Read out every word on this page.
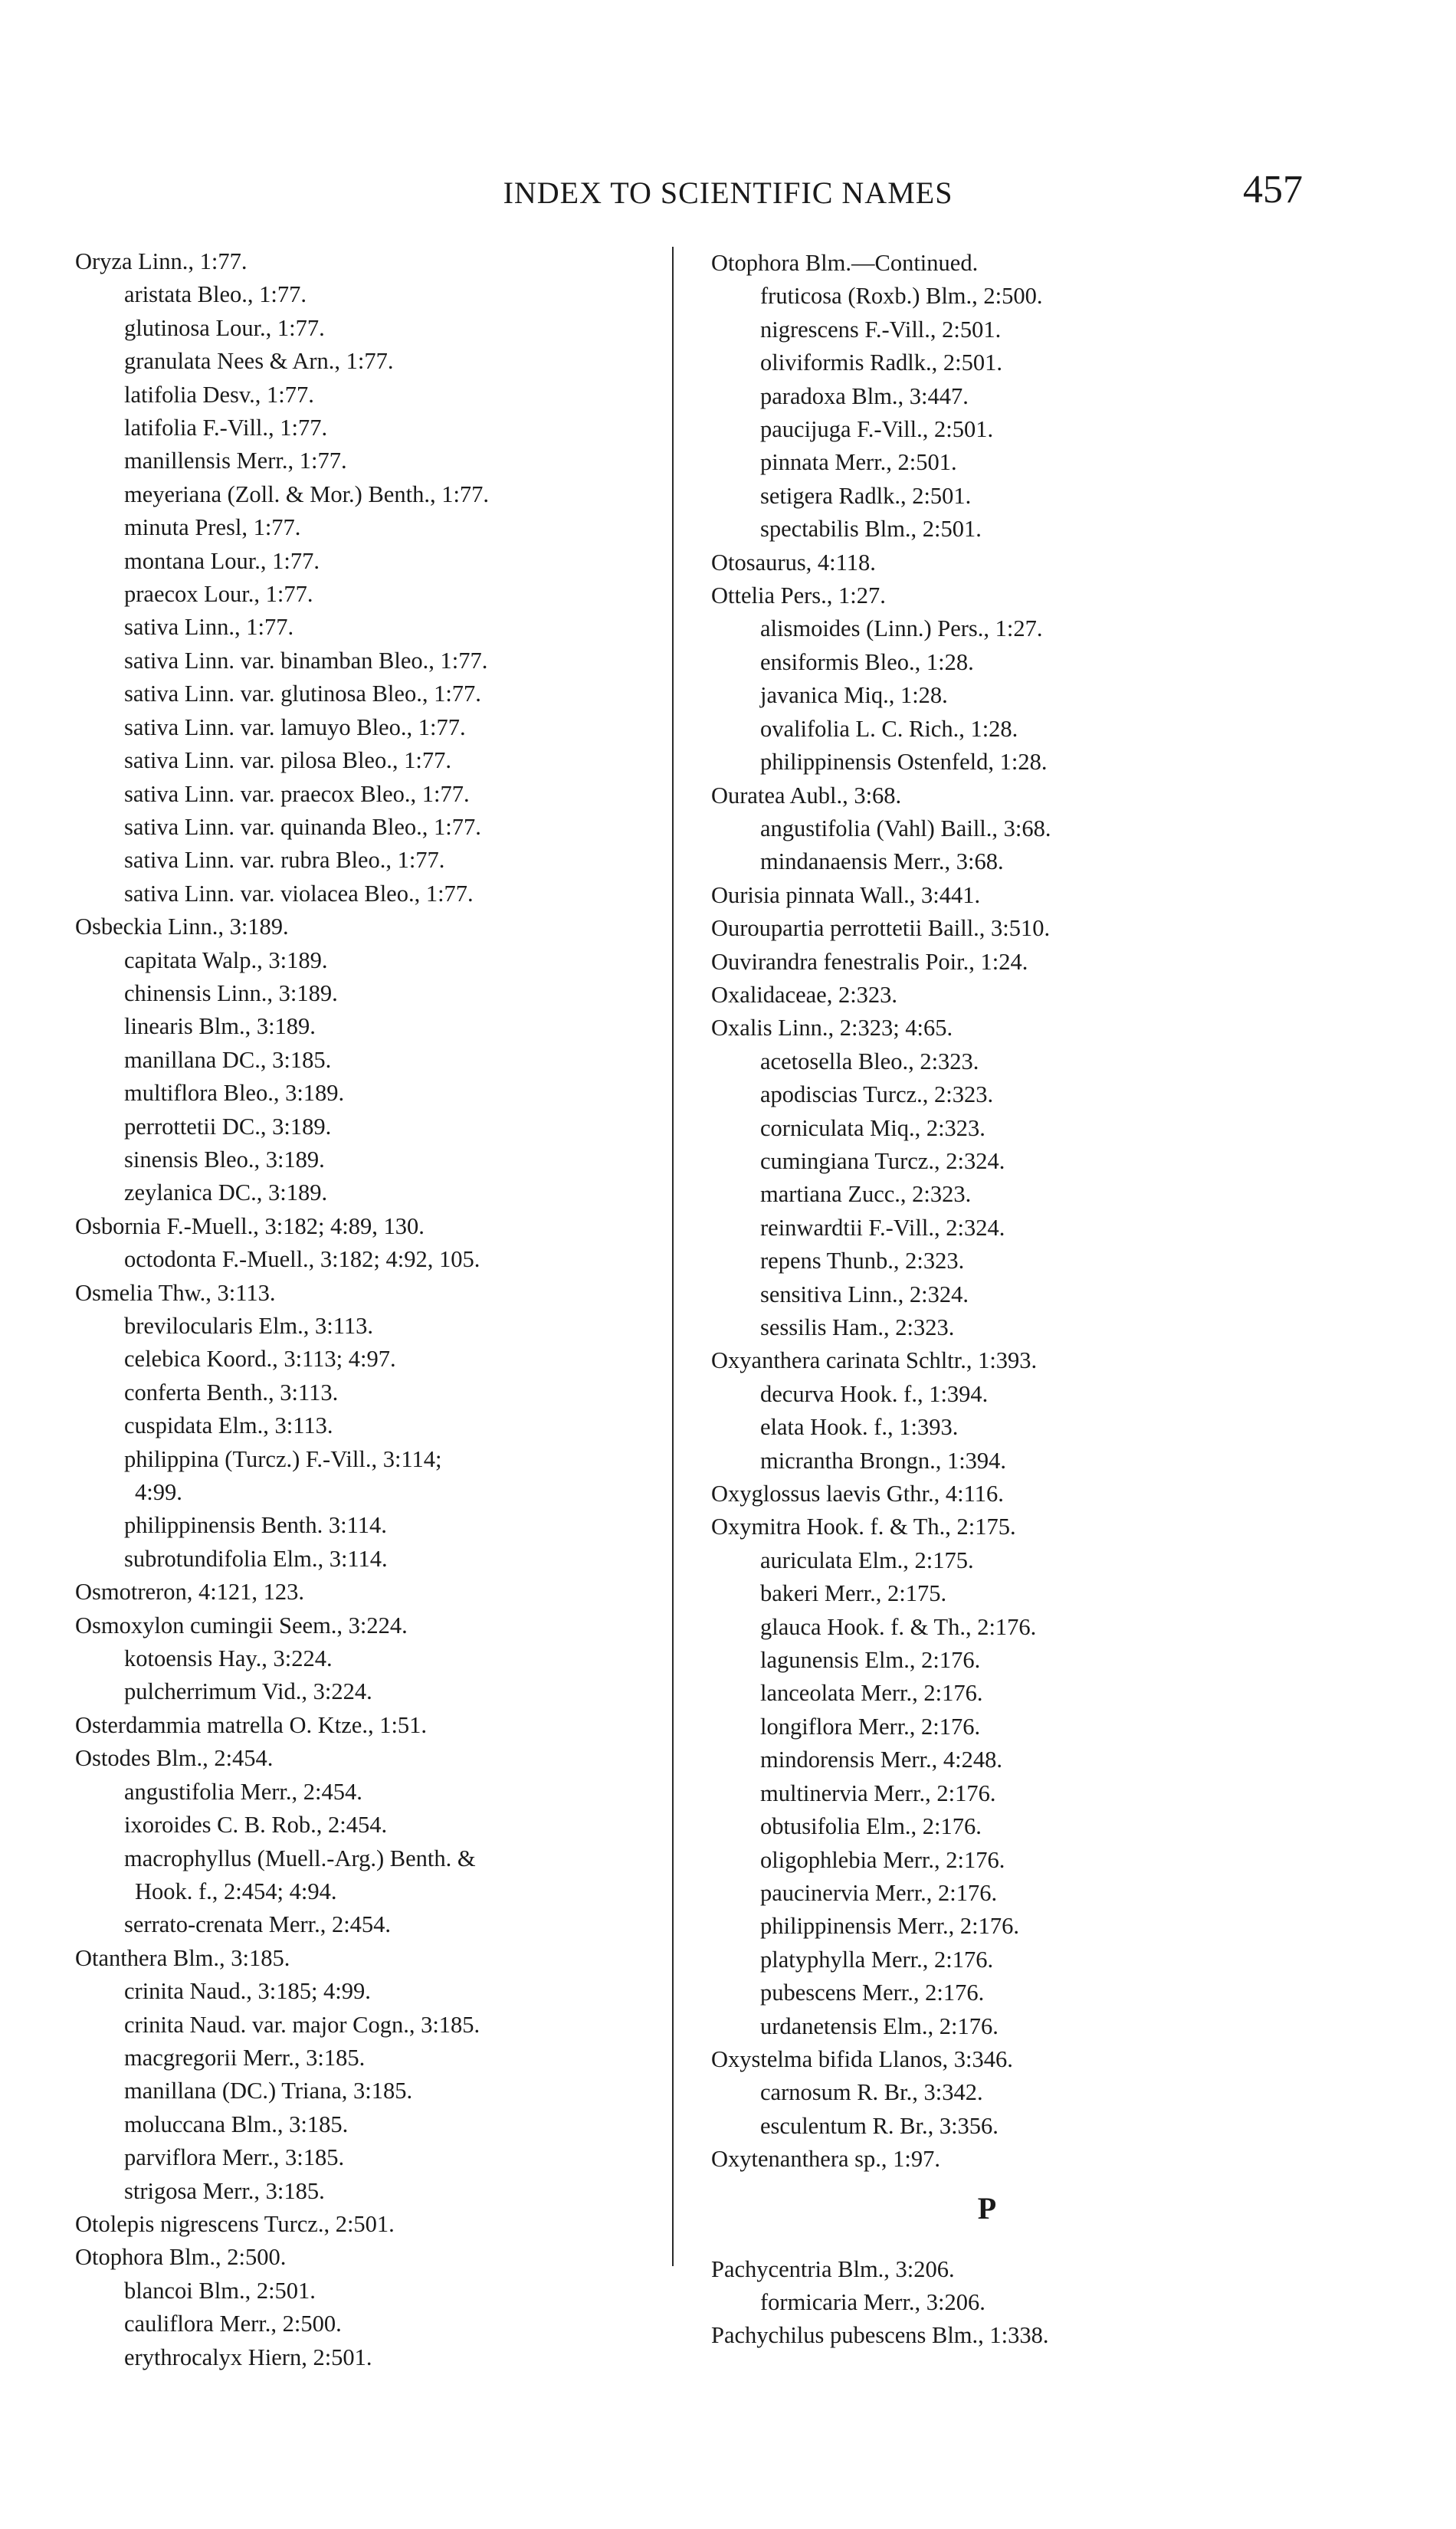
INDEX TO SCIENTIFIC NAMES	457
Oryza Linn., 1:77.
aristata Bleo., 1:77.
glutinosa Lour., 1:77.
granulata Nees & Arn., 1:77.
latifolia Desv., 1:77.
latifolia F.-Vill., 1:77.
manillensis Merr., 1:77.
meyeriana (Zoll. & Mor.) Benth., 1:77.
minuta Presl, 1:77.
montana Lour., 1:77.
praecox Lour., 1:77.
sativa Linn., 1:77.
sativa Linn. var. binamban Bleo., 1:77.
sativa Linn. var. glutinosa Bleo., 1:77.
sativa Linn. var. lamuyo Bleo., 1:77.
sativa Linn. var. pilosa Bleo., 1:77.
sativa Linn. var. praecox Bleo., 1:77.
sativa Linn. var. quinanda Bleo., 1:77.
sativa Linn. var. rubra Bleo., 1:77.
sativa Linn. var. violacea Bleo., 1:77.
Osbeckia Linn., 3:189.
capitata Walp., 3:189.
chinensis Linn., 3:189.
linearis Blm., 3:189.
manillana DC., 3:185.
multiflora Bleo., 3:189.
perrottetii DC., 3:189.
sinensis Bleo., 3:189.
zeylanica DC., 3:189.
Osbornia F.-Muell., 3:182; 4:89, 130.
octodonta F.-Muell., 3:182; 4:92, 105.
Osmelia Thw., 3:113.
brevilocularis Elm., 3:113.
celebica Koord., 3:113; 4:97.
conferta Benth., 3:113.
cuspidata Elm., 3:113.
philippina (Turcz.) F.-Vill., 3:114;
4:99.
philippinensis Benth. 3:114.
subrotundifolia Elm., 3:114.
Osmotreron, 4:121, 123.
Osmoxylon cumingii Seem., 3:224.
kotoensis Hay., 3:224.
pulcherrimum Vid., 3:224.
Osterdammia matrella O. Ktze., 1:51.
Ostodes Blm., 2:454.
angustifolia Merr., 2:454.
ixoroides C. B. Rob., 2:454.
macrophyllus (Muell.-Arg.) Benth. &
Hook. f., 2:454; 4:94.
serrato-crenata Merr., 2:454.
Otanthera Blm., 3:185.
crinita Naud., 3:185; 4:99.
crinita Naud. var. major Cogn., 3:185.
macgregorii Merr., 3:185.
manillana (DC.) Triana, 3:185.
moluccana Blm., 3:185.
parviflora Merr., 3:185.
strigosa Merr., 3:185.
Otolepis nigrescens Turcz., 2:501.
Otophora Blm., 2:500.
blancoi Blm., 2:501.
cauliflora Merr., 2:500.
erythrocalyx Hiern, 2:501.
Otophora Blm.—Continued.
fruticosa (Roxb.) Blm., 2:500.
nigrescens F.-Vill., 2:501.
oliviformis Radlk., 2:501.
paradoxa Blm., 3:447.
paucijuga F.-Vill., 2:501.
pinnata Merr., 2:501.
setigera Radlk., 2:501.
spectabilis Blm., 2:501.
Otosaurus, 4:118.
Ottelia Pers., 1:27.
alismoides (Linn.) Pers., 1:27.
ensiformis Bleo., 1:28.
javanica Miq., 1:28.
ovalifolia L. C. Rich., 1:28.
philippinensis Ostenfeld, 1:28.
Ouratea Aubl., 3:68.
angustifolia (Vahl) Baill., 3:68.
mindanaensis Merr., 3:68.
Ourisia pinnata Wall., 3:441.
Ouroupartia perrottetii Baill., 3:510.
Ouvirandra fenestralis Poir., 1:24.
Oxalidaceae, 2:323.
Oxalis Linn., 2:323; 4:65.
acetosella Bleo., 2:323.
apodiscias Turcz., 2:323.
corniculata Miq., 2:323.
cumingiana Turcz., 2:324.
martiana Zucc., 2:323.
reinwardtii F.-Vill., 2:324.
repens Thunb., 2:323.
sensitiva Linn., 2:324.
sessilis Ham., 2:323.
Oxyanthera carinata Schltr., 1:393.
decurva Hook. f., 1:394.
elata Hook. f., 1:393.
micrantha Brongn., 1:394.
Oxyglossus laevis Gthr., 4:116.
Oxymitra Hook. f. & Th., 2:175.
auriculata Elm., 2:175.
bakeri Merr., 2:175.
glauca Hook. f. & Th., 2:176.
lagunensis Elm., 2:176.
lanceolata Merr., 2:176.
longiflora Merr., 2:176.
mindorensis Merr., 4:248.
multinervia Merr., 2:176.
obtusifolia Elm., 2:176.
oligophlebia Merr., 2:176.
paucinervia Merr., 2:176.
philippinensis Merr., 2:176.
platyphylla Merr., 2:176.
pubescens Merr., 2:176.
urdanetensis Elm., 2:176.
Oxystelma bifida Llanos, 3:346.
carnosum R. Br., 3:342.
esculentum R. Br., 3:356.
Oxytenanthera sp., 1:97.
P
Pachycentria Blm., 3:206.
formicaria Merr., 3:206.
Pachychilus pubescens Blm., 1:338.
